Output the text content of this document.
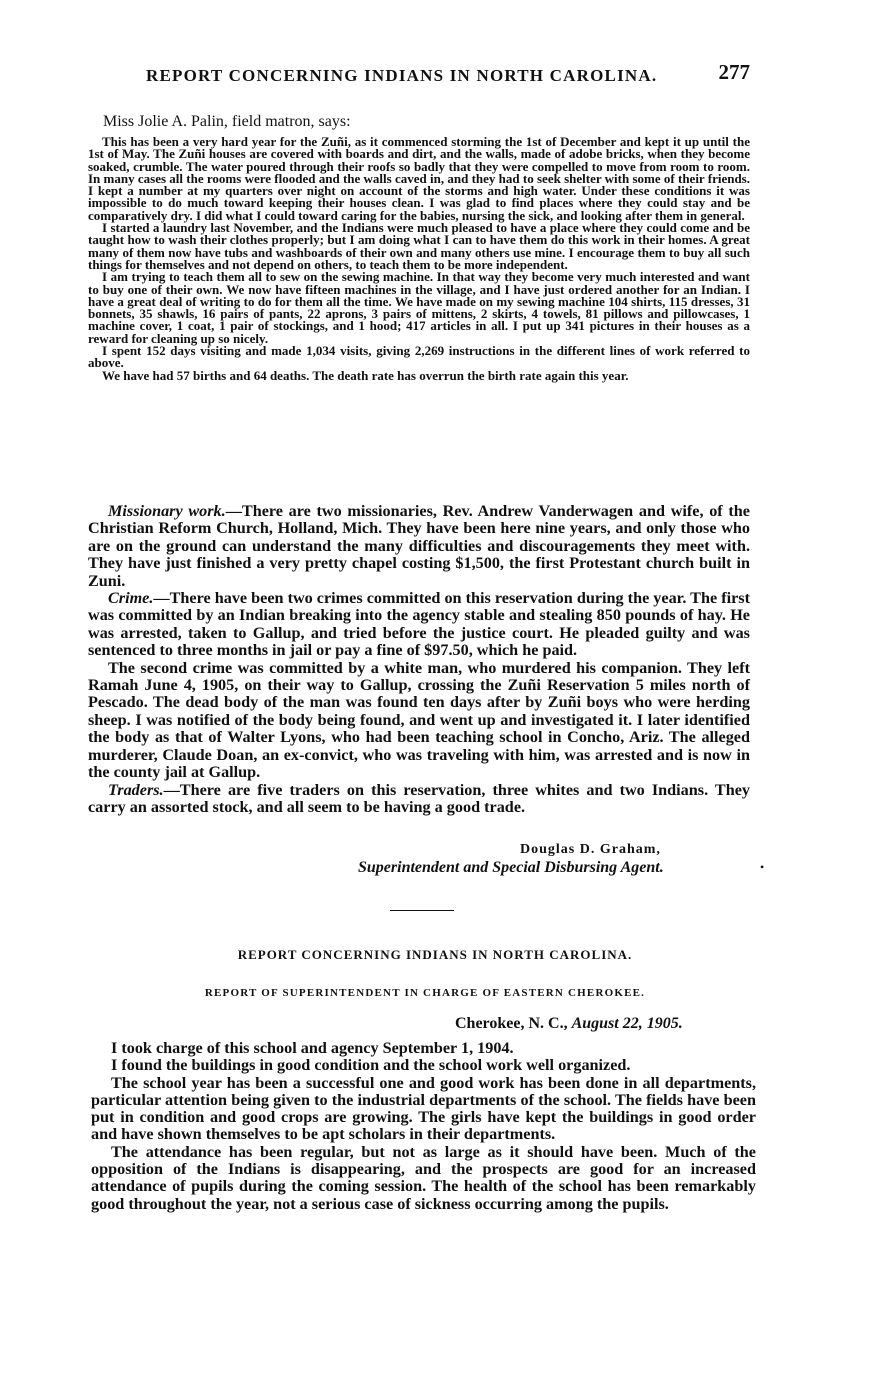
REPORT CONCERNING INDIANS IN NORTH CAROLINA.	277
Miss Jolie A. Palin, field matron, says:

This has been a very hard year for the Zuñi, as it commenced storming the 1st of December and kept it up until the 1st of May. The Zuñi houses are covered with boards and dirt, and the walls, made of adobe bricks, when they become soaked, crumble. The water poured through their roofs so badly that they were compelled to move from room to room. In many cases all the rooms were flooded and the walls caved in, and they had to seek shelter with some of their friends. I kept a number at my quarters over night on account of the storms and high water. Under these conditions it was impossible to do much toward keeping their houses clean. I was glad to find places where they could stay and be comparatively dry. I did what I could toward caring for the babies, nursing the sick, and looking after them in general.

I started a laundry last November, and the Indians were much pleased to have a place where they could come and be taught how to wash their clothes properly; but I am doing what I can to have them do this work in their homes. A great many of them now have tubs and washboards of their own and many others use mine. I encourage them to buy all such things for themselves and not depend on others, to teach them to be more independent.

I am trying to teach them all to sew on the sewing machine. In that way they become very much interested and want to buy one of their own. We now have fifteen machines in the village, and I have just ordered another for an Indian. I have a great deal of writing to do for them all the time. We have made on my sewing machine 104 shirts, 115 dresses, 31 bonnets, 35 shawls, 16 pairs of pants, 22 aprons, 3 pairs of mittens, 2 skirts, 4 towels, 81 pillows and pillowcases, 1 machine cover, 1 coat, 1 pair of stockings, and 1 hood; 417 articles in all. I put up 341 pictures in their houses as a reward for cleaning up so nicely.

I spent 152 days visiting and made 1,034 visits, giving 2,269 instructions in the different lines of work referred to above.

We have had 57 births and 64 deaths. The death rate has overrun the birth rate again this year.

Missionary work.—There are two missionaries, Rev. Andrew Vanderwagen and wife, of the Christian Reform Church, Holland, Mich. They have been here nine years, and only those who are on the ground can understand the many difficulties and discouragements they meet with. They have just finished a very pretty chapel costing $1,500, the first Protestant church built in Zuni.

Crime.—There have been two crimes committed on this reservation during the year. The first was committed by an Indian breaking into the agency stable and stealing 850 pounds of hay. He was arrested, taken to Gallup, and tried before the justice court. He pleaded guilty and was sentenced to three months in jail or pay a fine of $97.50, which he paid.

The second crime was committed by a white man, who murdered his companion. They left Ramah June 4, 1905, on their way to Gallup, crossing the Zuñi Reservation 5 miles north of Pescado. The dead body of the man was found ten days after by Zuñi boys who were herding sheep. I was notified of the body being found, and went up and investigated it. I later identified the body as that of Walter Lyons, who had been teaching school in Concho, Ariz. The alleged murderer, Claude Doan, an ex-convict, who was traveling with him, was arrested and is now in the county jail at Gallup.

Traders.—There are five traders on this reservation, three whites and two Indians. They carry an assorted stock, and all seem to be having a good trade.

Douglas D. Graham,
Superintendent and Special Disbursing Agent.	•
REPORT CONCERNING INDIANS IN NORTH CAROLINA.
REPORT OF SUPERINTENDENT IN CHARGE OF EASTERN CHEROKEE.
Cherokee, N. C., August 22, 1905.

I took charge of this school and agency September 1, 1904.

I found the buildings in good condition and the school work well organized.

The school year has been a successful one and good work has been done in all departments, particular attention being given to the industrial departments of the school. The fields have been put in condition and good crops are growing. The girls have kept the buildings in good order and have shown themselves to be apt scholars in their departments.

The attendance has been regular, but not as large as it should have been. Much of the opposition of the Indians is disappearing, and the prospects are good for an increased attendance of pupils during the coming session. The health of the school has been remarkably good throughout the year, not a serious case of sickness occurring among the pupils.
